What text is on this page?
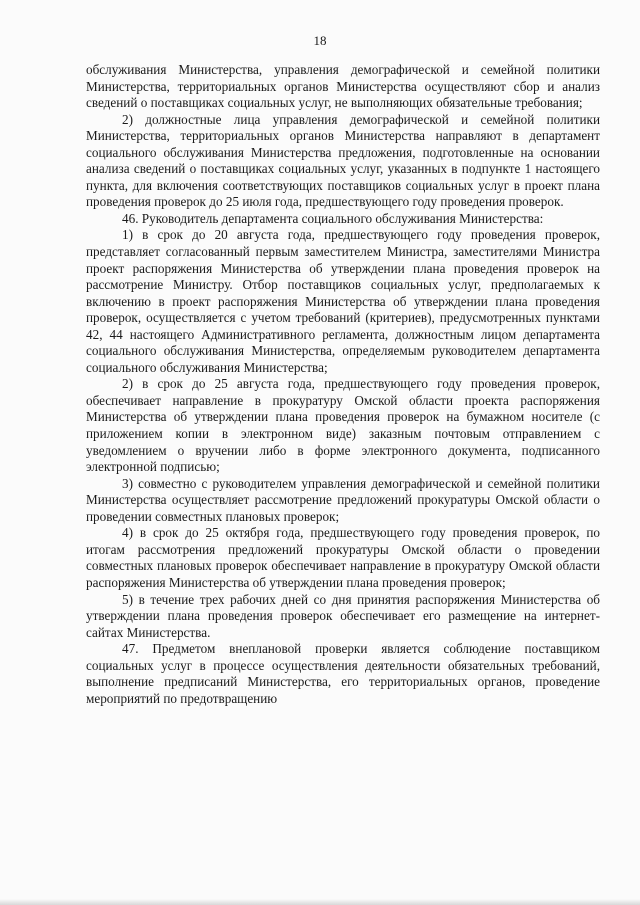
18

обслуживания Министерства, управления демографической и семейной политики Министерства, территориальных органов Министерства осуществляют сбор и анализ сведений о поставщиках социальных услуг, не выполняющих обязательные требования;

2) должностные лица управления демографической и семейной политики Министерства, территориальных органов Министерства направляют в департамент социального обслуживания Министерства предложения, подготовленные на основании анализа сведений о поставщиках социальных услуг, указанных в подпункте 1 настоящего пункта, для включения соответствующих поставщиков социальных услуг в проект плана проведения проверок до 25 июля года, предшествующего году проведения проверок.

46. Руководитель департамента социального обслуживания Министерства:

1) в срок до 20 августа года, предшествующего году проведения проверок, представляет согласованный первым заместителем Министра, заместителями Министра проект распоряжения Министерства об утверждении плана проведения проверок на рассмотрение Министру. Отбор поставщиков социальных услуг, предполагаемых к включению в проект распоряжения Министерства об утверждении плана проведения проверок, осуществляется с учетом требований (критериев), предусмотренных пунктами 42, 44 настоящего Административного регламента, должностным лицом департамента социального обслуживания Министерства, определяемым руководителем департамента социального обслуживания Министерства;

2) в срок до 25 августа года, предшествующего году проведения проверок, обеспечивает направление в прокуратуру Омской области проекта распоряжения Министерства об утверждении плана проведения проверок на бумажном носителе (с приложением копии в электронном виде) заказным почтовым отправлением с уведомлением о вручении либо в форме электронного документа, подписанного электронной подписью;

3) совместно с руководителем управления демографической и семейной политики Министерства осуществляет рассмотрение предложений прокуратуры Омской области о проведении совместных плановых проверок;

4) в срок до 25 октября года, предшествующего году проведения проверок, по итогам рассмотрения предложений прокуратуры Омской области о проведении совместных плановых проверок обеспечивает направление в прокуратуру Омской области распоряжения Министерства об утверждении плана проведения проверок;

5) в течение трех рабочих дней со дня принятия распоряжения Министерства об утверждении плана проведения проверок обеспечивает его размещение на интернет-сайтах Министерства.

47. Предметом внеплановой проверки является соблюдение поставщиком социальных услуг в процессе осуществления деятельности обязательных требований, выполнение предписаний Министерства, его территориальных органов, проведение мероприятий по предотвращению
